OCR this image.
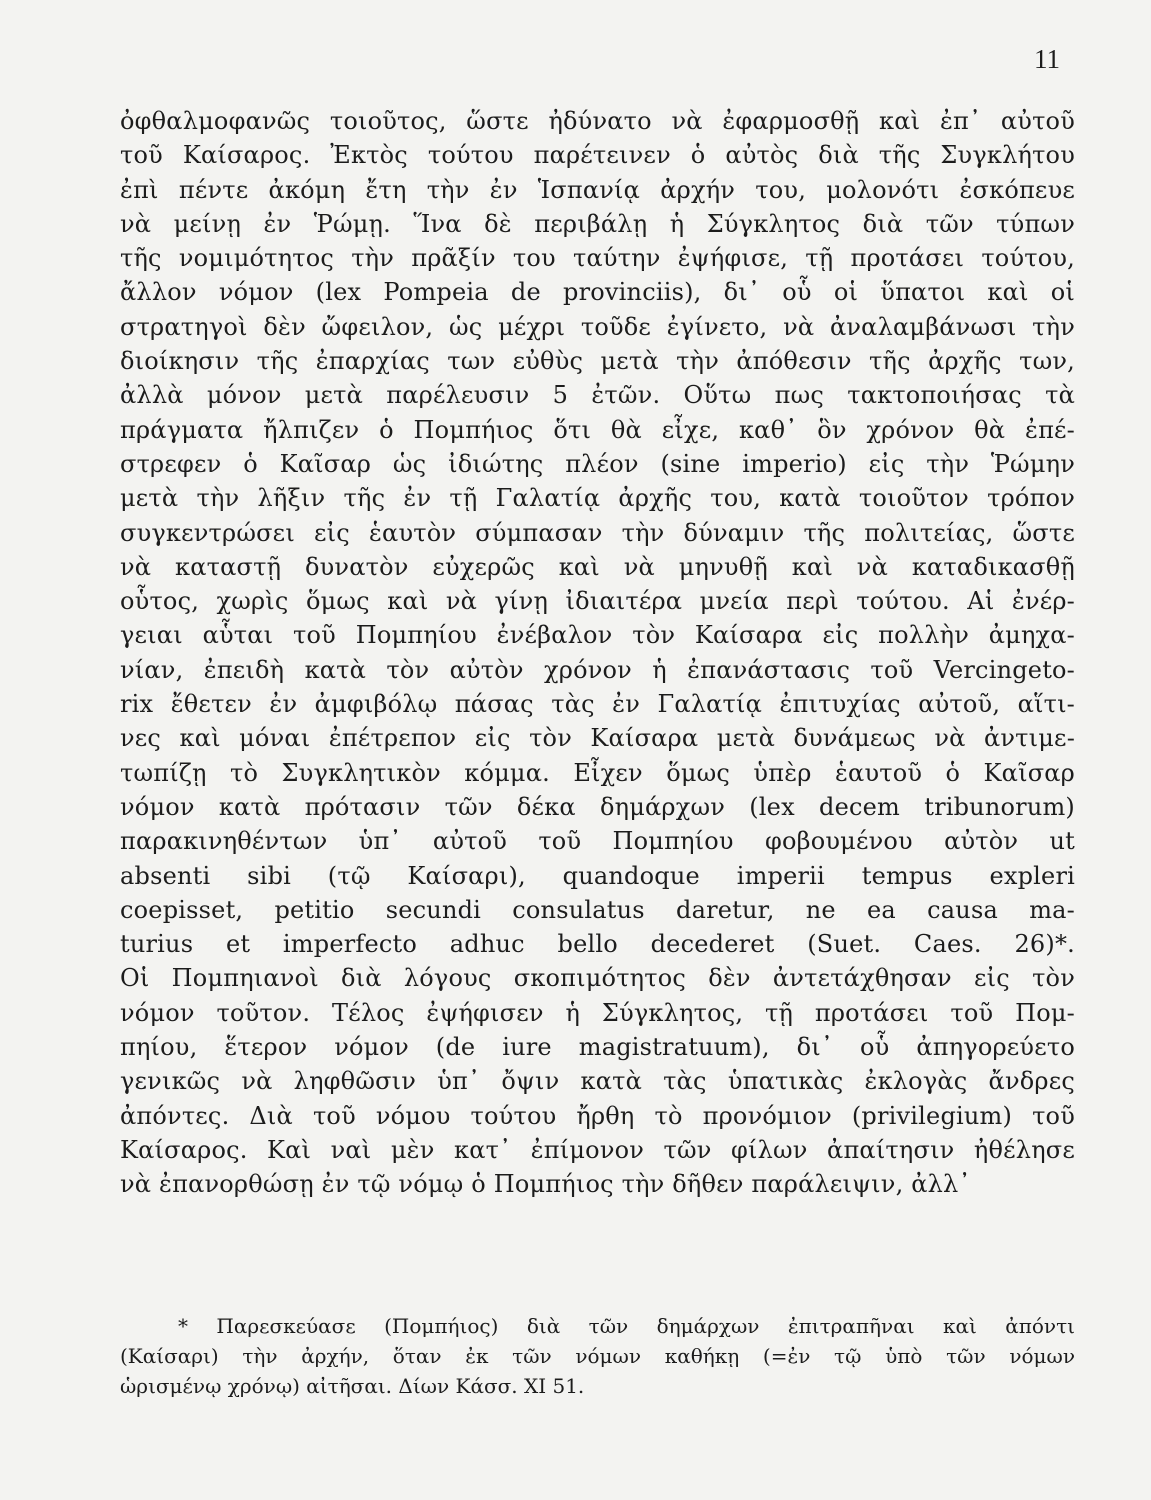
11
ὀφθαλμοφανῶς τοιοῦτος, ὥστε ἠδύνατο νὰ ἐφαρμοσθῇ καὶ ἐπ᾽ αὐτοῦ
τοῦ Καίσαρος. Ἐκτὸς τούτου παρέτεινεν ὁ αὐτὸς διὰ τῆς Συγκλήτου
ἐπὶ πέντε ἀκόμη ἔτη τὴν ἐν Ἱσπανίᾳ ἀρχήν του, μολονότι ἐσκόπευε
νὰ μείνῃ ἐν Ῥώμῃ. Ἵνα δὲ περιβάλῃ ἡ Σύγκλητος διὰ τῶν τύπων
τῆς νομιμότητος τὴν πρᾶξίν του ταύτην ἐψήφισε, τῇ προτάσει τούτου,
ἄλλον νόμον (lex Pompeia de provinciis), δι᾽ οὗ οἱ ὕπατοι καὶ οἱ
στρατηγοὶ δὲν ὤφειλον, ὡς μέχρι τοῦδε ἐγίνετο, νὰ ἀναλαμβάνωσι τὴν
διοίκησιν τῆς ἐπαρχίας των εὐθὺς μετὰ τὴν ἀπόθεσιν τῆς ἀρχῆς των,
ἀλλὰ μόνον μετὰ παρέλευσιν 5 ἐτῶν. Οὕτω πως τακτοποιήσας τὰ
πράγματα ἤλπιζεν ὁ Πομπήιος ὅτι θὰ εἶχε, καθ᾽ ὃν χρόνον θὰ ἐπέ-
στρεφεν ὁ Καῖσαρ ὡς ἰδιώτης πλέον (sine imperio) εἰς τὴν Ῥώμην
μετὰ τὴν λῆξιν τῆς ἐν τῇ Γαλατίᾳ ἀρχῆς του, κατὰ τοιοῦτον τρόπον
συγκεντρώσει εἰς ἑαυτὸν σύμπασαν τὴν δύναμιν τῆς πολιτείας, ὥστε
νὰ καταστῇ δυνατὸν εὐχερῶς καὶ νὰ μηνυθῇ καὶ νὰ καταδικασθῇ
οὗτος, χωρὶς ὅμως καὶ νὰ γίνῃ ἰδιαιτέρα μνεία περὶ τούτου. Αἱ ἐνέρ-
γειαι αὗται τοῦ Πομπηίου ἐνέβαλον τὸν Καίσαρα εἰς πολλὴν ἀμηχα-
νίαν, ἐπειδὴ κατὰ τὸν αὐτὸν χρόνον ἡ ἐπανάστασις τοῦ Vercingeto-
rix ἔθετεν ἐν ἀμφιβόλῳ πάσας τὰς ἐν Γαλατίᾳ ἐπιτυχίας αὐτοῦ, αἵτι-
νες καὶ μόναι ἐπέτρεπον εἰς τὸν Καίσαρα μετὰ δυνάμεως νὰ ἀντιμε-
τωπίζῃ τὸ Συγκλητικὸν κόμμα. Εἶχεν ὅμως ὑπὲρ ἑαυτοῦ ὁ Καῖσαρ
νόμον κατὰ πρότασιν τῶν δέκα δημάρχων (lex decem tribunorum)
παρακινηθέντων ὑπ᾽ αὐτοῦ τοῦ Πομπηίου φοβουμένου αὐτὸν ut
absenti sibi (τῷ Καίσαρι), quandoque imperii tempus expleri
coepisset, petitio secundi consulatus daretur, ne ea causa ma-
turius et imperfecto adhuc bello decederet (Suet. Caes. 26)*.
Οἱ Πομπηιανοὶ διὰ λόγους σκοπιμότητος δὲν ἀντετάχθησαν εἰς τὸν
νόμον τοῦτον. Τέλος ἐψήφισεν ἡ Σύγκλητος, τῇ προτάσει τοῦ Πομ-
πηίου, ἕτερον νόμον (de iure magistratuum), δι᾽ οὗ ἀπηγορεύετο
γενικῶς νὰ ληφθῶσιν ὑπ᾽ ὄψιν κατὰ τὰς ὑπατικὰς ἐκλογὰς ἄνδρες
ἀπόντες. Διὰ τοῦ νόμου τούτου ἤρθη τὸ προνόμιον (privilegium) τοῦ
Καίσαρος. Καὶ ναὶ μὲν κατ᾽ ἐπίμονον τῶν φίλων ἀπαίτησιν ἠθέλησε
νὰ ἐπανορθώσῃ ἐν τῷ νόμῳ ὁ Πομπήιος τὴν δῆθεν παράλειψιν, ἀλλ᾽
* Παρεσκεύασε (Πομπήιος) διὰ τῶν δημάρχων ἐπιτραπῆναι καὶ ἀπόντι
(Καίσαρι) τὴν ἀρχήν, ὅταν ἐκ τῶν νόμων καθήκῃ (=ἐν τῷ ὑπὸ τῶν νόμων
ὡρισμένῳ χρόνῳ) αἰτῆσαι. Δίων Κάσσ. XI 51.
